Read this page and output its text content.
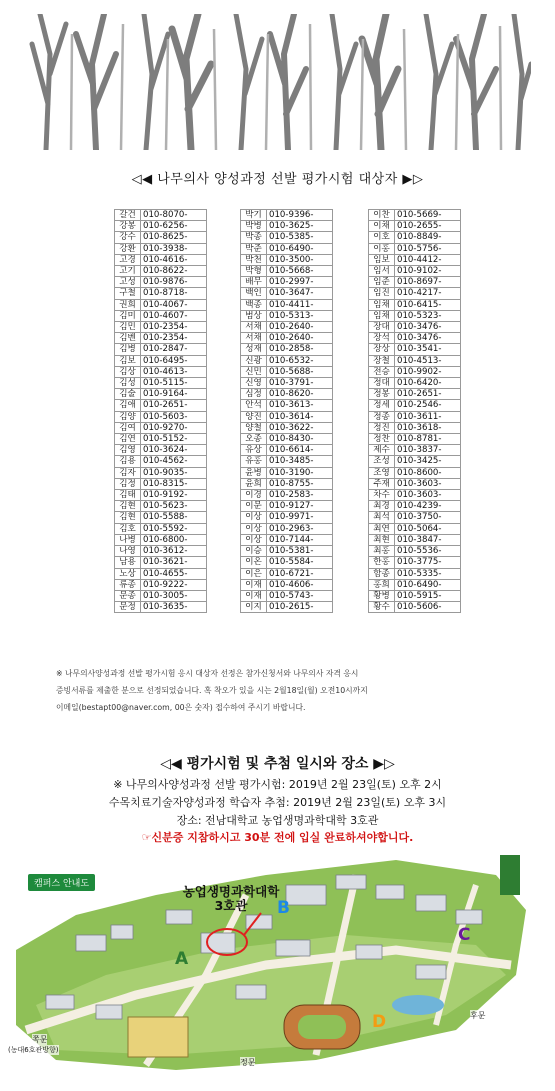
◁◀ 나무의사 양성과정 선발 평가시험 대상자 ▶▷
갈건	010-8070-
강봉	010-6256-
강수	010-8625-
강환	010-3938-
고경	010-4616-
고기	010-8622-
고성	010-9876-
구철	010-8718-
권희	010-4067-
김미	010-4607-
김민	010-2354-
김벤	010-2354-
김병	010-2847-
김보	010-6495-
김상	010-4613-
김성	010-5115-
김술	010-9164-
김애	010-2651-
김양	010-5603-
김여	010-9270-
김연	010-5152-
김영	010-3624-
김용	010-4562-
김자	010-9035-
김정	010-8315-
김태	010-9192-
김현	010-5623-
김현	010-5588-
김호	010-5592-
나병	010-6800-
나영	010-3612-
남용	010-3621-
노상	010-4655-
류종	010-9222-
문종	010-3005-
문정	010-3635-
박기	010-9396-
박병	010-3625-
박종	010-5385-
박준	010-6490-
박천	010-3500-
박형	010-5668-
배무	010-2997-
백인	010-3647-
백종	010-4411-
범상	010-5313-
서채	010-2640-
서채	010-2640-
성재	010-2858-
신광	010-6532-
신민	010-5688-
신영	010-3791-
심정	010-8620-
안석	010-3613-
양진	010-3614-
양철	010-3622-
오종	010-8430-
유상	010-6614-
유홍	010-3485-
윤병	010-3190-
윤희	010-8755-
이경	010-2583-
이문	010-9127-
이상	010-9971-
이상	010-2963-
이상	010-7144-
이승	010-5381-
이온	010-5584-
이은	010-6721-
이재	010-4606-
이재	010-5743-
이지	010-2615-
이찬	010-5669-
이채	010-2655-
이호	010-8849-
이홍	010-5756-
임보	010-4412-
임서	010-9102-
임준	010-8697-
임진	010-4217-
임채	010-6415-
임채	010-5323-
장대	010-3476-
장석	010-3476-
장상	010-3541-
장철	010-4513-
전승	010-9902-
정대	010-6420-
정봉	010-2651-
정세	010-2546-
정종	010-3611-
정진	010-3618-
정찬	010-8781-
제수	010-3837-
조성	010-3425-
조영	010-8600-
주재	010-3603-
차수	010-3603-
최경	010-4239-
최석	010-3750-
최연	010-5064-
최현	010-3847-
최홍	010-5536-
한홍	010-3775-
함종	010-5335-
홍희	010-6490-
황병	010-5915-
황수	010-5606-
※ 나무의사양성과정 선발 평가시험 응시 대상자 선정은 참가신청서와 나무의사 자격 응시
증빙서류를 제출한 분으로 선정되었습니다. 혹 착오가 있을 시는 2월18일(월) 오전10시까지
이메일(bestapt00@naver.com, 00은 숫자) 접수하여 주시기 바랍니다.
◁◀ 평가시험 및 추첨 일시와 장소 ▶▷
※ 나무의사양성과정 선발 평가시험: 2019년 2월 23일(토) 오후 2시
수목치료기술자양성과정 학습자 추첨: 2019년 2월 23일(토) 오후 3시
장소: 전남대학교 농업생명과학대학 3호관
☞신분증 지참하시고 30분 전에 입실 완료하셔야합니다.
캠퍼스 안내도	농업생명과학대학
3호관
A
B
C
D
정문
후문
쪽문
(농대6호관방향)
